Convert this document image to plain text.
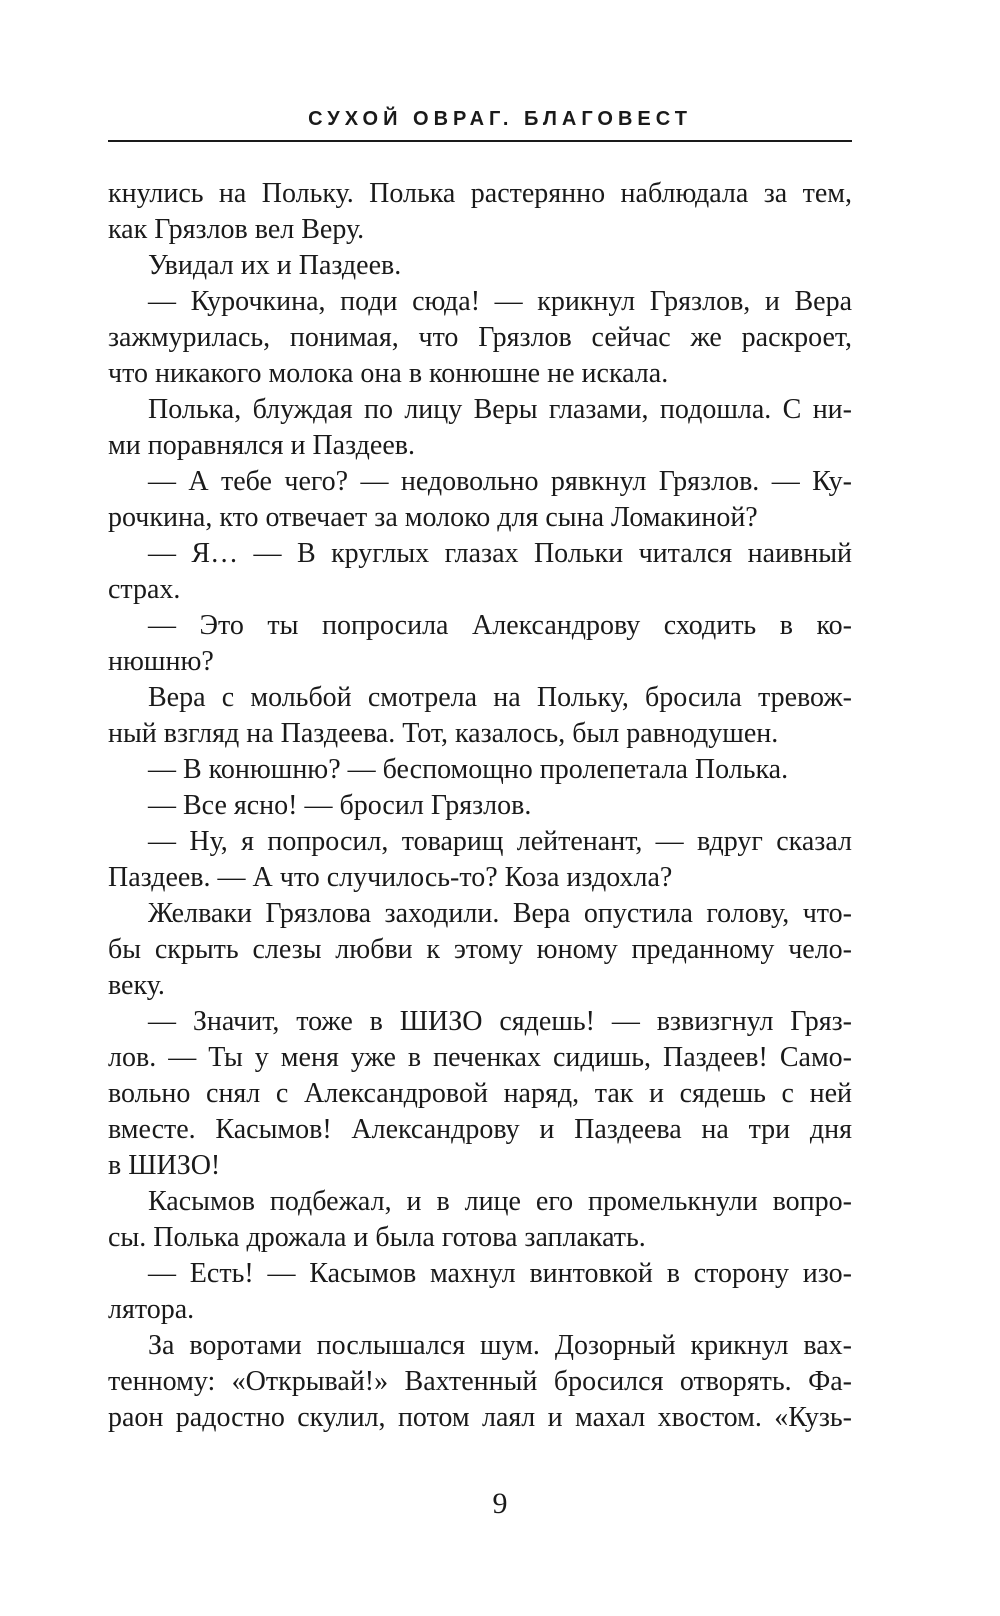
СУХОЙ ОВРАГ. БЛАГОВЕСТ
кнулись на Польку. Полька растерянно наблюдала за тем,
как Грязлов вел Веру.
Увидал их и Паздеев.
— Курочкина, поди сюда! — крикнул Грязлов, и Вера
зажмурилась, понимая, что Грязлов сейчас же раскроет,
что никакого молока она в конюшне не искала.
Полька, блуждая по лицу Веры глазами, подошла. С ни-
ми поравнялся и Паздеев.
— А тебе чего? — недовольно рявкнул Грязлов. — Ку-
рочкина, кто отвечает за молоко для сына Ломакиной?
— Я… — В круглых глазах Польки читался наивный
страх.
— Это ты попросила Александрову сходить в ко-
нюшню?
Вера с мольбой смотрела на Польку, бросила тревож-
ный взгляд на Паздеева. Тот, казалось, был равнодушен.
— В конюшню? — беспомощно пролепетала Полька.
— Все ясно! — бросил Грязлов.
— Ну, я попросил, товарищ лейтенант, — вдруг сказал
Паздеев. — А что случилось-то? Коза издохла?
Желваки Грязлова заходили. Вера опустила голову, что-
бы скрыть слезы любви к этому юному преданному чело-
веку.
— Значит, тоже в ШИЗО сядешь! — взвизгнул Гряз-
лов. — Ты у меня уже в печенках сидишь, Паздеев! Само-
вольно снял с Александровой наряд, так и сядешь с ней
вместе. Касымов! Александрову и Паздеева на три дня
в ШИЗО!
Касымов подбежал, и в лице его промелькнули вопро-
сы. Полька дрожала и была готова заплакать.
— Есть! — Касымов махнул винтовкой в сторону изо-
лятора.
За воротами послышался шум. Дозорный крикнул вах-
тенному: «Открывай!» Вахтенный бросился отворять. Фа-
раон радостно скулил, потом лаял и махал хвостом. «Кузь-
9
